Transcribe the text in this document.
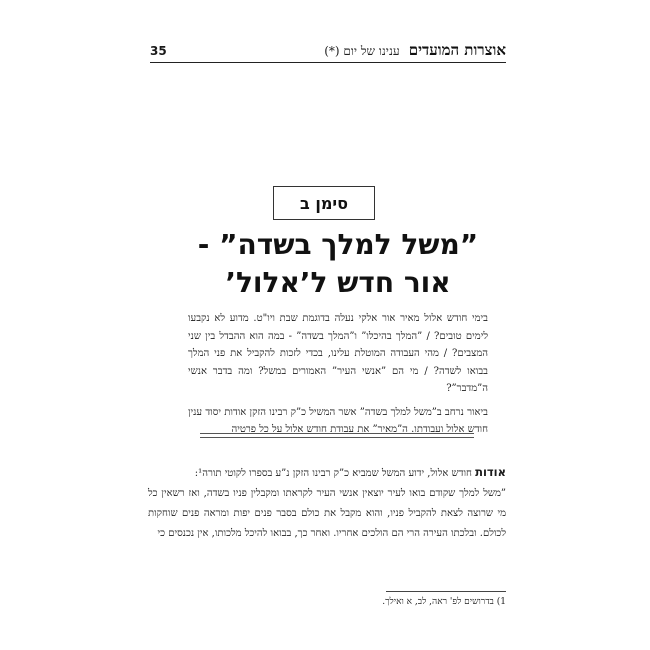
35	אוצרות המועדים ענינו של יום (*)
סימן ב
”משל למלך בשדה” -
אור חדש ל’אלול’

בימי חודש אלול מאיר אור אלקי נעלה בדוגמת שבת ויו"ט. מדוע לא נקבעו לימים טובים? / ”המלך בהיכלו” ו”המלך בשדה” - במה הוא ההבדל בין שני המצבים? / מהי העבודה המוטלת עלינו, בכדי לזכות להקביל את פני המלך בבואו לשדה? / מי הם ”אנשי העיר” האמורים במשל? ומה בדבר אנשי ה”מדבר”?

ביאור נרחב ב”משל למלך בשדה” אשר המשיל כ”ק רבינו הזקן אודות יסוד ענין חודש אלול ועבודתו. ה”מאיר” את עבודת חודש אלול על כל פרטיה

אודות חודש אלול, ידוע המשל שמביא כ”ק רבינו הזקן נ”ע בספרו לקוטי תורה¹:

”משל למלך שקודם בואו לעיר יוצאין אנשי העיר לקראתו ומקבלין פניו בשדה, ואז רשאין כל מי שרוצה לצאת להקביל פניו, והוא מקבל את כולם בסבר פנים יפות ומראה פנים שוחקות לכולם. ובלכתו העירה הרי הם הולכים אחריו. ואחר כך, בבואו להיכל מלכותו, אין נכנסים כי

1) בדרושים לפ' ראה, לב, א ואילך.
